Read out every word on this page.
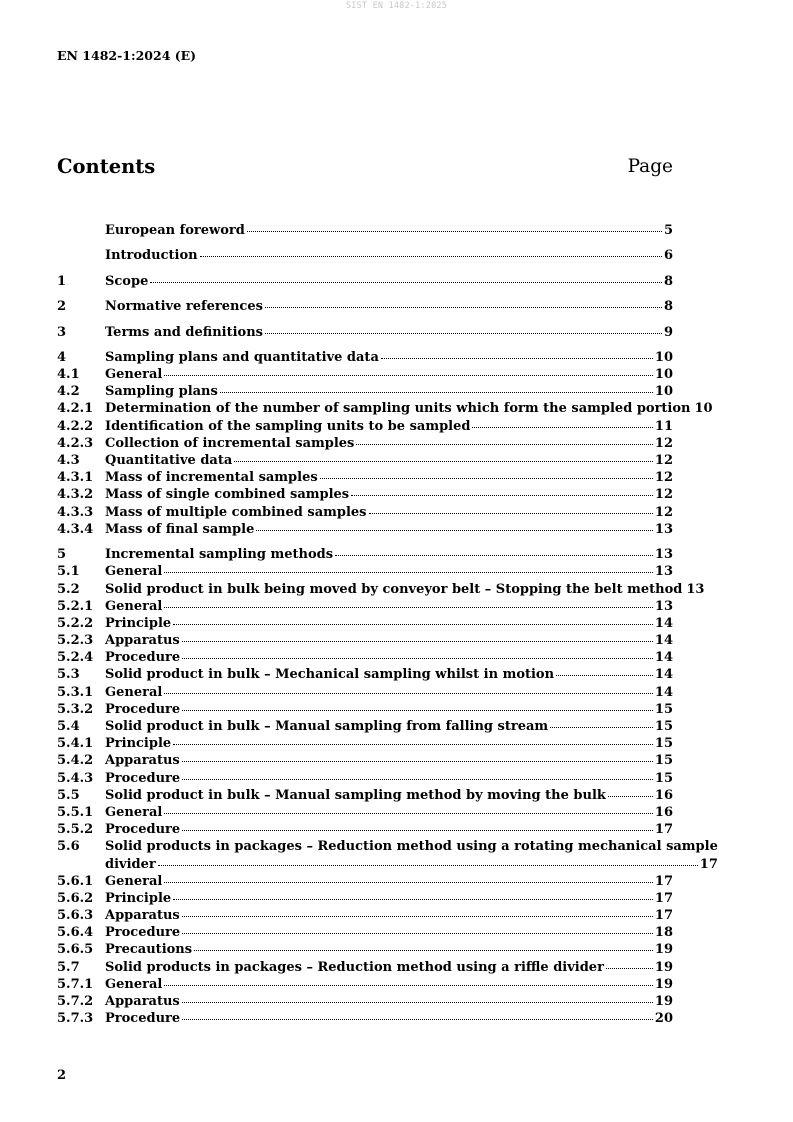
SIST EN 1482-1:2025
EN 1482-1:2024 (E)
Contents	Page
European foreword	5
Introduction	6
1	Scope	8
2	Normative references	8
3	Terms and definitions	9
4	Sampling plans and quantitative data	10
4.1	General	10
4.2	Sampling plans	10
4.2.1 Determination of the number of sampling units which form the sampled portion 10
4.2.2 Identification of the sampling units to be sampled	11
4.2.3 Collection of incremental samples	12
4.3	Quantitative data	12
4.3.1 Mass of incremental samples	12
4.3.2 Mass of single combined samples	12
4.3.3 Mass of multiple combined samples	12
4.3.4 Mass of final sample	13
5	Incremental sampling methods	13
5.1	General	13
5.2	Solid product in bulk being moved by conveyor belt – Stopping the belt method 13
5.2.1 General	13
5.2.2 Principle	14
5.2.3 Apparatus	14
5.2.4 Procedure	14
5.3	Solid product in bulk – Mechanical sampling whilst in motion	14
5.3.1 General	14
5.3.2 Procedure	15
5.4	Solid product in bulk – Manual sampling from falling stream	15
5.4.1 Principle	15
5.4.2 Apparatus	15
5.4.3 Procedure	15
5.5	Solid product in bulk – Manual sampling method by moving the bulk	16
5.5.1 General	16
5.5.2 Procedure	17
5.6	Solid products in packages – Reduction method using a rotating mechanical sample
divider	17
5.6.1 General	17
5.6.2 Principle	17
5.6.3 Apparatus	17
5.6.4 Procedure	18
5.6.5 Precautions	19
5.7	Solid products in packages – Reduction method using a riffle divider	19
5.7.1 General	19
5.7.2 Apparatus	19
5.7.3 Procedure	20
2
